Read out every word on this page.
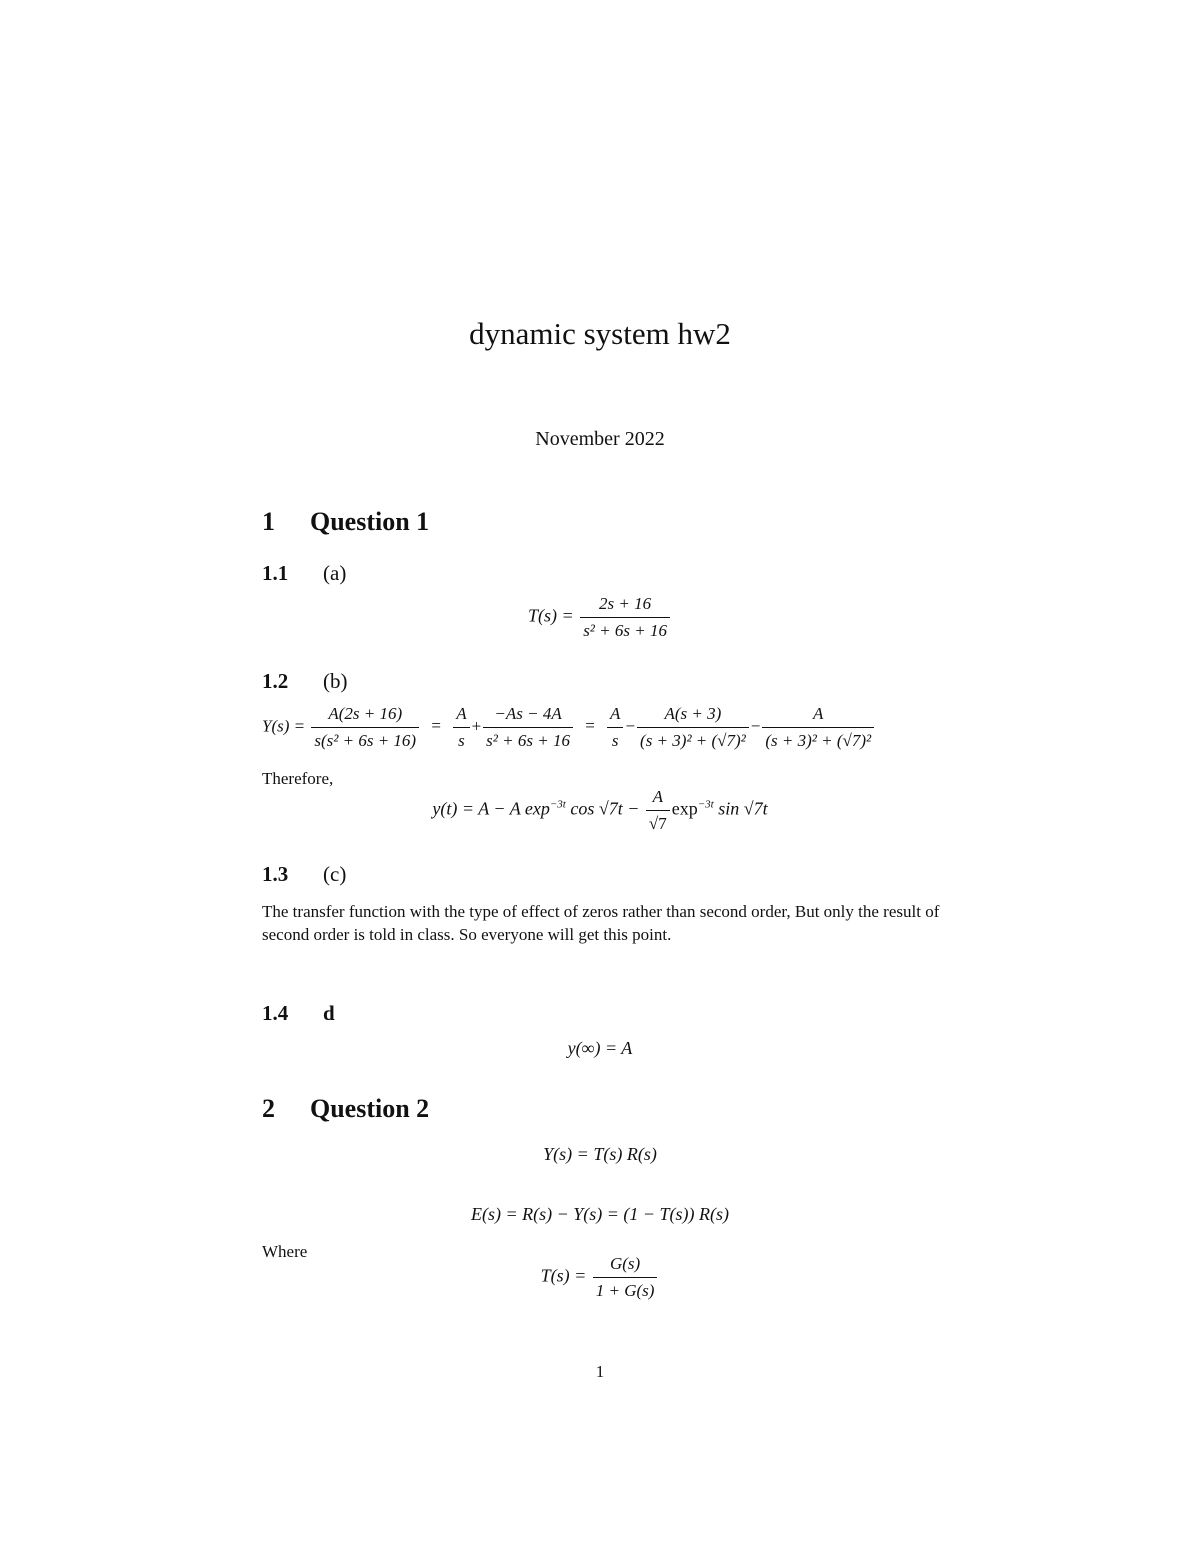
dynamic system hw2
November 2022
1 Question 1
1.1 (a)
$T(s) = \frac{2s + 16}{\text{s² + 6s + 16}}$
1.2 (b)
$Y(s) = \frac{A(2s + 16)}{\text{s(s² + 6s + 16)}} = \frac{A}{s} + \frac{-As - 4A}{\text{s² + 6s + 16}} = \frac{A}{s} - \frac{A(s + 3)}{\text{(s + 3)² + (√7)²}} - \frac{A}{\text{(s + 3)² + (√7)²}}$
Therefore,
y(t) = A − A $\exp^{-3t} \cos √7t - \frac{A}{√7} \exp^{-3t} \sin √7t$
1.3 (c)
The transfer function with the type of effect of zeros rather than second order, But only the result of second order is told in class. So everyone will get this point.
1.4 d
y(∞) = A
2 Question 2
Y(s) = T(s) R(s)
E(s) = R(s) − Y(s) = (1 − T(s)) R(s)
Where
$T(s) = \frac{G(s)}{1 + G(s)}$
1
